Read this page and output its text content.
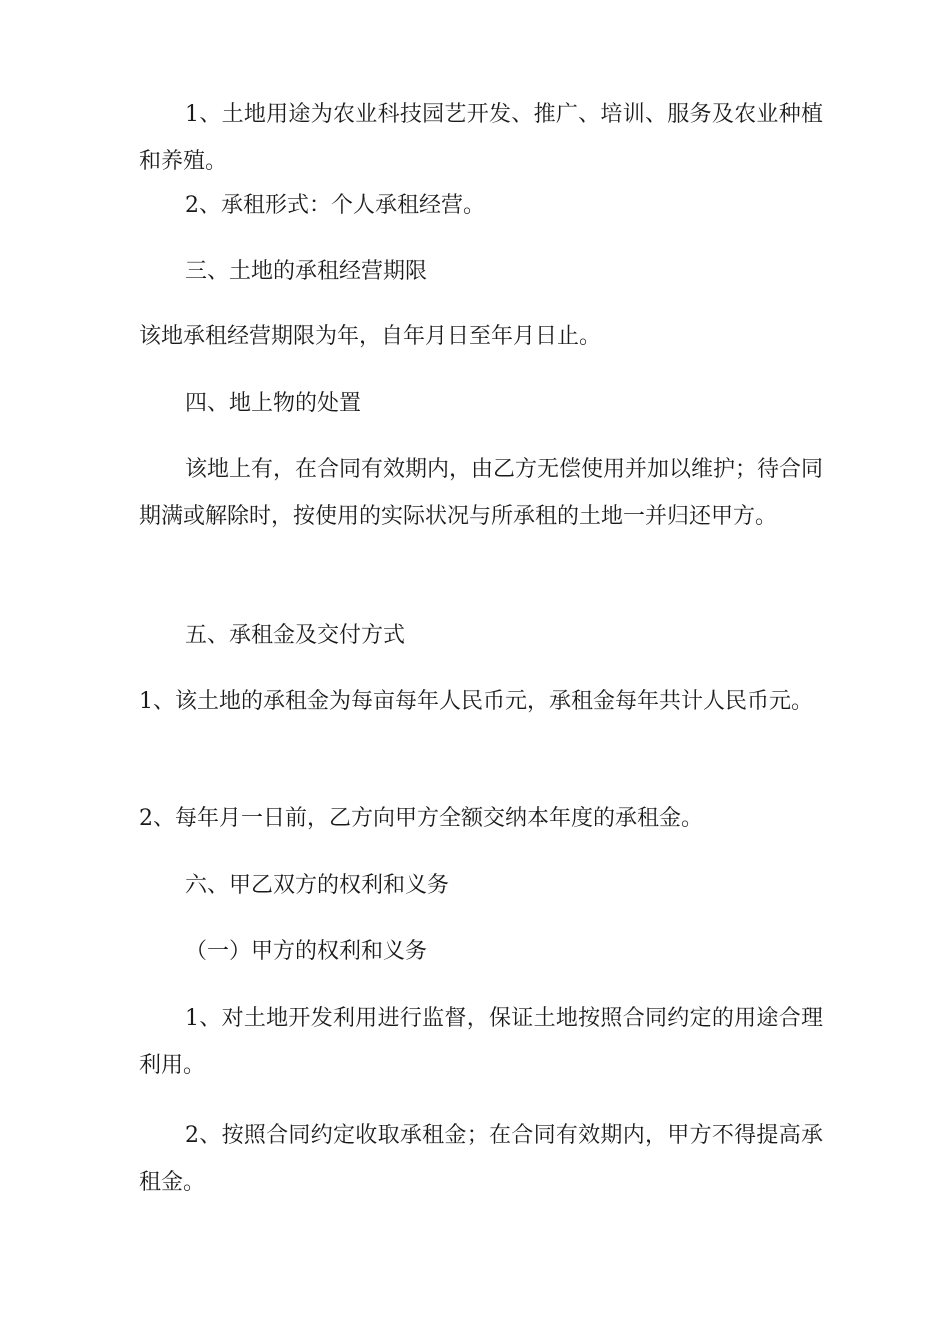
1、土地用途为农业科技园艺开发、推广、培训、服务及农业种植和养殖。

2、承租形式：个人承租经营。

三、土地的承租经营期限

该地承租经营期限为年，自年月日至年月日止。

四、地上物的处置

该地上有，在合同有效期内，由乙方无偿使用并加以维护；待合同期满或解除时，按使用的实际状况与所承租的土地一并归还甲方。

五、承租金及交付方式

1、该土地的承租金为每亩每年人民币元，承租金每年共计人民币元。

2、每年月一日前，乙方向甲方全额交纳本年度的承租金。

六、甲乙双方的权利和义务

（一）甲方的权利和义务

1、对土地开发利用进行监督，保证土地按照合同约定的用途合理利用。

2、按照合同约定收取承租金；在合同有效期内，甲方不得提高承租金。
